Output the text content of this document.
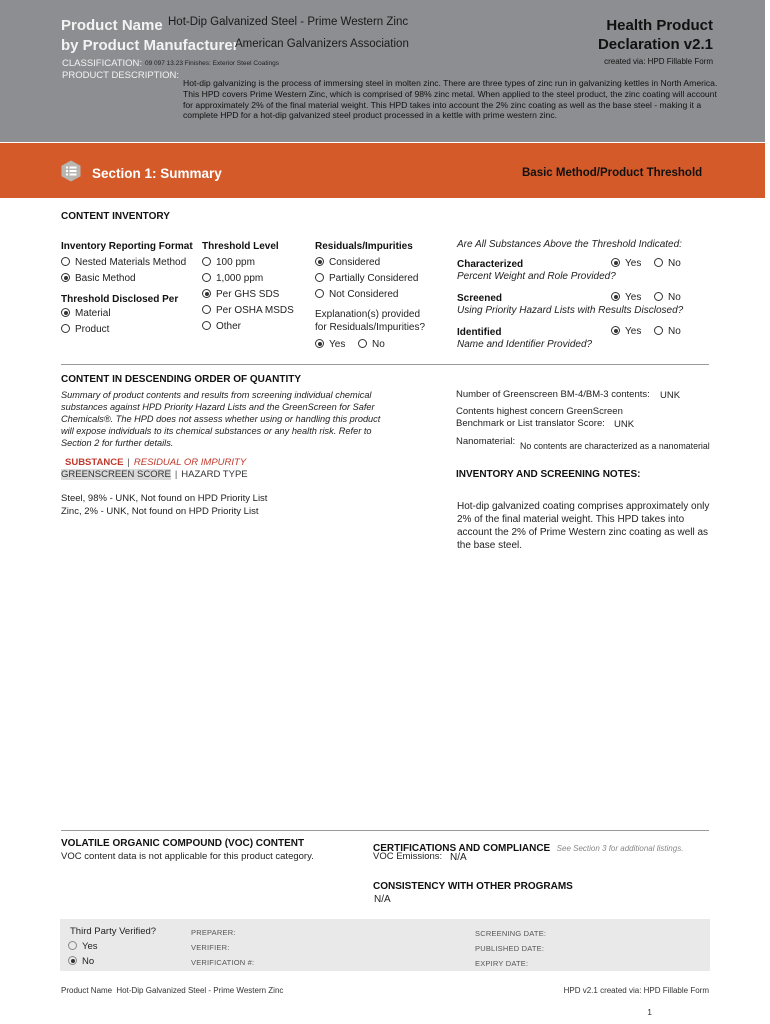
Product Name Hot-Dip Galvanized Steel - Prime Western Zinc
by Product Manufacturer
American Galvanizers Association
CLASSIFICATION: 09 097 13.23 Finishes: Exterior Steel Coatings
PRODUCT DESCRIPTION:
Hot-dip galvanizing is the process of immersing steel in molten zinc. There are three types of zinc run in galvanizing kettles in North America. This HPD covers Prime Western Zinc, which is comprised of 98% zinc metal. When applied to the steel product, the zinc coating will account for approximately 2% of the final material weight. This HPD takes into account the 2% zinc coating as well as the base steel - making it a complete HPD for a hot-dip galvanized steel product processed in a kettle with prime western zinc.
Health Product
Declaration v2.1
created via: HPD Fillable Form
Section 1: Summary	Basic Method/Product Threshold
CONTENT INVENTORY
Inventory Reporting Format
Nested Materials Method
Basic Method
Threshold Disclosed Per
Material
Product
Threshold Level
100 ppm
1,000 ppm
Per GHS SDS
Per OSHA MSDS
Other
Residuals/Impurities
Considered
Partially Considered
Not Considered
Explanation(s) provided
for Residuals/Impurities?
Yes	No
Are All Substances Above the Threshold Indicated:
Characterized
Percent Weight and Role Provided?
Yes	No
Screened
Using Priority Hazard Lists with Results Disclosed?
Yes	No
Identified
Name and Identifier Provided?
Yes	No
CONTENT IN DESCENDING ORDER OF QUANTITY
Summary of product contents and results from screening individual chemical substances against HPD Priority Hazard Lists and the GreenScreen for Safer Chemicals®. The HPD does not assess whether using or handling this product will expose individuals to its chemical substances or any health risk. Refer to Section 2 for further details.
SUBSTANCE | RESIDUAL OR IMPURITY
GREENSCREEN SCORE | HAZARD TYPE
Steel, 98% - UNK, Not found on HPD Priority List
Zinc, 2% - UNK, Not found on HPD Priority List
Number of Greenscreen BM-4/BM-3 contents: UNK
Contents highest concern GreenScreen
Benchmark or List translator Score: UNK
Nanomaterial: No contents are characterized as a nanomaterial
INVENTORY AND SCREENING NOTES:
Hot-dip galvanized coating comprises approximately only 2% of the final material weight. This HPD takes into account the 2% of Prime Western zinc coating as well as the base steel.
VOLATILE ORGANIC COMPOUND (VOC) CONTENT
VOC content data is not applicable for this product category.
CERTIFICATIONS AND COMPLIANCE See Section 3 for additional listings.
VOC Emissions: N/A
CONSISTENCY WITH OTHER PROGRAMS
N/A
Third Party Verified?
Yes
No
PREPARER:
VERIFIER:
VERIFICATION #:
SCREENING DATE:
PUBLISHED DATE:
EXPIRY DATE:
Product Name Hot-Dip Galvanized Steel - Prime Western Zinc	HPD v2.1 created via: HPD Fillable Form
1
